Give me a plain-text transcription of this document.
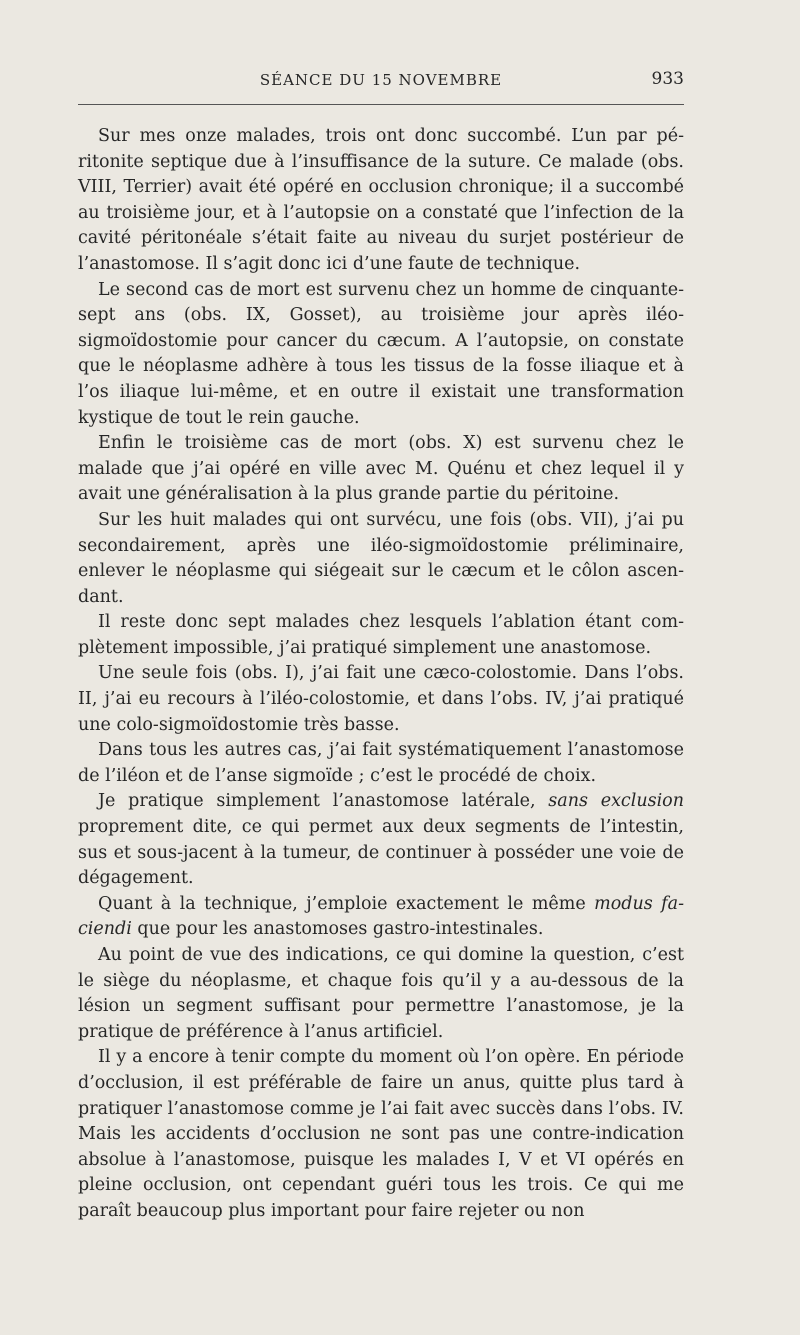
SÉANCE DU 15 NOVEMBRE	933

Sur mes onze malades, trois ont donc succombé. L’un par péritonite septique due à l’insuffisance de la suture. Ce malade (obs. VIII, Terrier) avait été opéré en occlusion chronique; il a succombé au troisième jour, et à l’autopsie on a constaté que l’infection de la cavité péritonéale s’était faite au niveau du surjet postérieur de l’anastomose. Il s’agit donc ici d’une faute de technique.

Le second cas de mort est survenu chez un homme de cinquante-sept ans (obs. IX, Gosset), au troisième jour après iléo-sigmoïdostomie pour cancer du cæcum. A l’autopsie, on constate que le néoplasme adhère à tous les tissus de la fosse iliaque et à l’os iliaque lui-même, et en outre il existait une transformation kystique de tout le rein gauche.

Enfin le troisième cas de mort (obs. X) est survenu chez le malade que j’ai opéré en ville avec M. Quénu et chez lequel il y avait une généralisation à la plus grande partie du péritoine.

Sur les huit malades qui ont survécu, une fois (obs. VII), j’ai pu secondairement, après une iléo-sigmoïdostomie préliminaire, enlever le néoplasme qui siégeait sur le cæcum et le côlon ascendant.

Il reste donc sept malades chez lesquels l’ablation étant complètement impossible, j’ai pratiqué simplement une anastomose.

Une seule fois (obs. I), j’ai fait une cæco-colostomie. Dans l’obs. II, j’ai eu recours à l’iléo-colostomie, et dans l’obs. IV, j’ai pratiqué une colo-sigmoïdostomie très basse.

Dans tous les autres cas, j’ai fait systématiquement l’anastomose de l’iléon et de l’anse sigmoïde ; c’est le procédé de choix.

Je pratique simplement l’anastomose latérale, sans exclusion proprement dite, ce qui permet aux deux segments de l’intestin, sus et sous-jacent à la tumeur, de continuer à posséder une voie de dégagement.

Quant à la technique, j’emploie exactement le même modus faciendi que pour les anastomoses gastro-intestinales.

Au point de vue des indications, ce qui domine la question, c’est le siège du néoplasme, et chaque fois qu’il y a au-dessous de la lésion un segment suffisant pour permettre l’anastomose, je la pratique de préférence à l’anus artificiel.

Il y a encore à tenir compte du moment où l’on opère. En période d’occlusion, il est préférable de faire un anus, quitte plus tard à pratiquer l’anastomose comme je l’ai fait avec succès dans l’obs. IV. Mais les accidents d’occlusion ne sont pas une contre-indication absolue à l’anastomose, puisque les malades I, V et VI opérés en pleine occlusion, ont cependant guéri tous les trois. Ce qui me paraît beaucoup plus important pour faire rejeter ou non
